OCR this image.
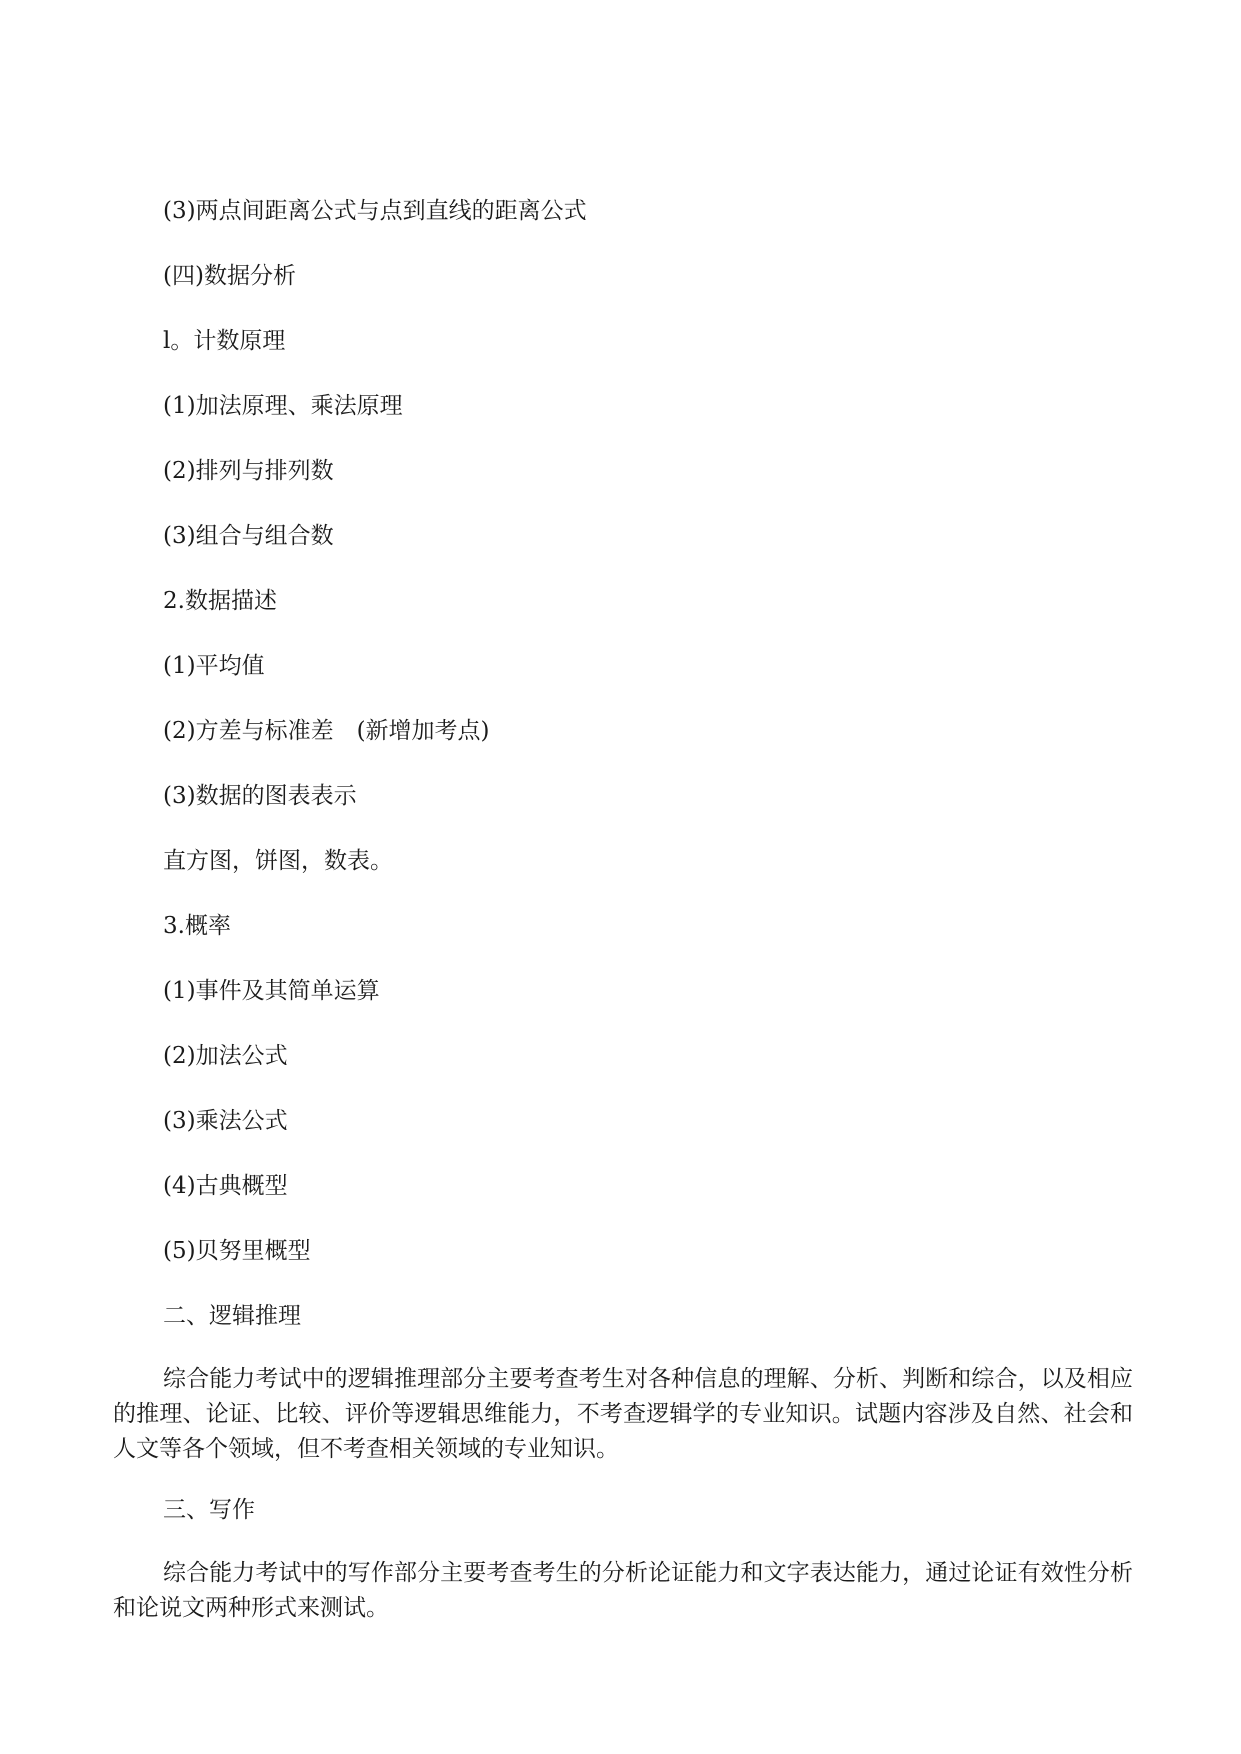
(3)两点间距离公式与点到直线的距离公式

(四)数据分析

l。计数原理

(1)加法原理、乘法原理

(2)排列与排列数

(3)组合与组合数

2.数据描述

(1)平均值

(2)方差与标准差　(新增加考点)

(3)数据的图表表示

直方图，饼图，数表。

3.概率

(1)事件及其简单运算

(2)加法公式

(3)乘法公式

(4)古典概型

(5)贝努里概型

二、逻辑推理

综合能力考试中的逻辑推理部分主要考查考生对各种信息的理解、分析、判断和综合，以及相应的推理、论证、比较、评价等逻辑思维能力，不考查逻辑学的专业知识。试题内容涉及自然、社会和人文等各个领域，但不考查相关领域的专业知识。

三、写作

综合能力考试中的写作部分主要考查考生的分析论证能力和文字表达能力，通过论证有效性分析和论说文两种形式来测试。
